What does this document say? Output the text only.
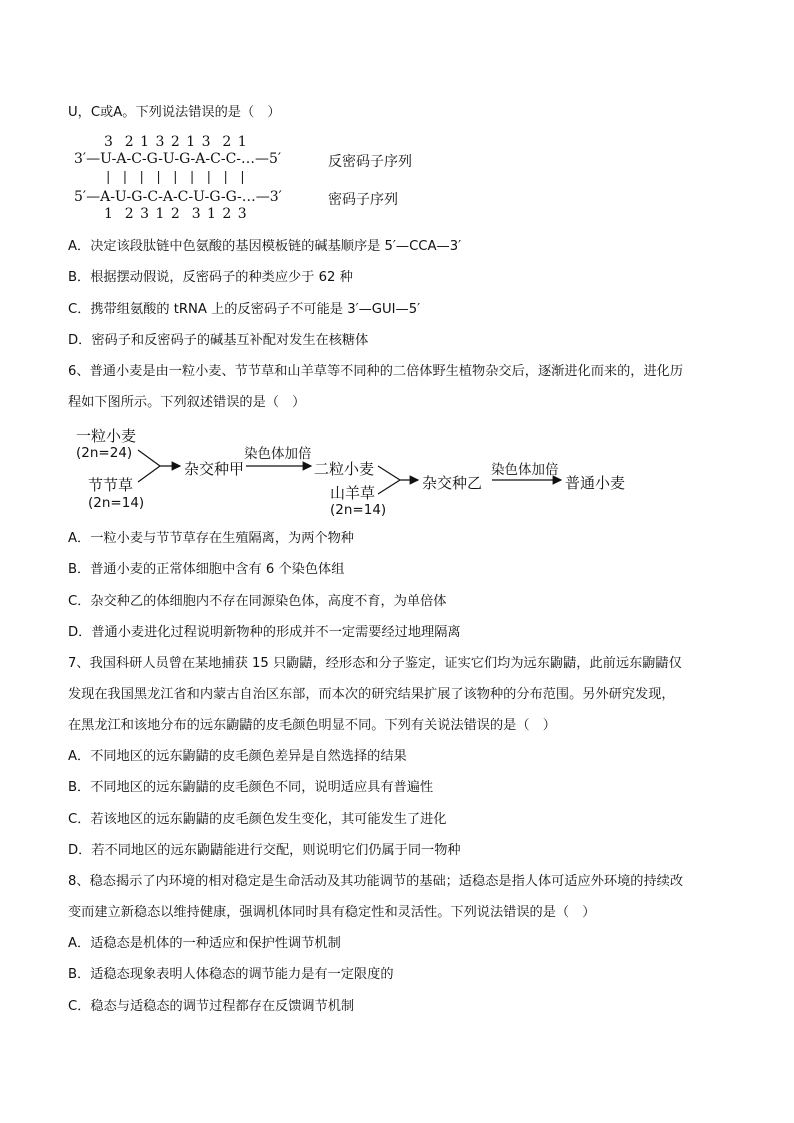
U，C或A。下列说法错误的是（　）
3  2 1 3 2 1 3  2 1
3′—U-A-C-G-U-G-A-C-C-…—5′	反密码子序列
|   |   |   |   |   |   |   |   |
5′—A-U-G-C-A-C-U-G-G-…—3′	密码子序列
1  2 3 1 2  3 1 2 3
A．决定该段肽链中色氨酸的基因模板链的碱基顺序是 5′—CCA—3′
B．根据摆动假说，反密码子的种类应少于 62 种
C．携带组氨酸的 tRNA 上的反密码子不可能是 3′—GUI—5′
D．密码子和反密码子的碱基互补配对发生在核糖体
6、普通小麦是由一粒小麦、节节草和山羊草等不同种的二倍体野生植物杂交后，逐渐进化而来的，进化历
程如下图所示。下列叙述错误的是（　）
一粒小麦
(2n=24)
节节草
(2n=14)
杂交种甲
染色体加倍
二粒小麦
山羊草
(2n=14)
杂交种乙
染色体加倍
普通小麦
A．一粒小麦与节节草存在生殖隔离，为两个物种
B．普通小麦的正常体细胞中含有 6 个染色体组
C．杂交种乙的体细胞内不存在同源染色体，高度不育，为单倍体
D．普通小麦进化过程说明新物种的形成并不一定需要经过地理隔离
7、我国科研人员曾在某地捕获 15 只鼩鼱，经形态和分子鉴定，证实它们均为远东鼩鼱，此前远东鼩鼱仅
发现在我国黑龙江省和内蒙古自治区东部，而本次的研究结果扩展了该物种的分布范围。另外研究发现，
在黑龙江和该地分布的远东鼩鼱的皮毛颜色明显不同。下列有关说法错误的是（　）
A．不同地区的远东鼩鼱的皮毛颜色差异是自然选择的结果
B．不同地区的远东鼩鼱的皮毛颜色不同，说明适应具有普遍性
C．若该地区的远东鼩鼱的皮毛颜色发生变化，其可能发生了进化
D．若不同地区的远东鼩鼱能进行交配，则说明它们仍属于同一物种
8、稳态揭示了内环境的相对稳定是生命活动及其功能调节的基础；适稳态是指人体可适应外环境的持续改
变而建立新稳态以维持健康，强调机体同时具有稳定性和灵活性。下列说法错误的是（　）
A．适稳态是机体的一种适应和保护性调节机制
B．适稳态现象表明人体稳态的调节能力是有一定限度的
C．稳态与适稳态的调节过程都存在反馈调节机制
